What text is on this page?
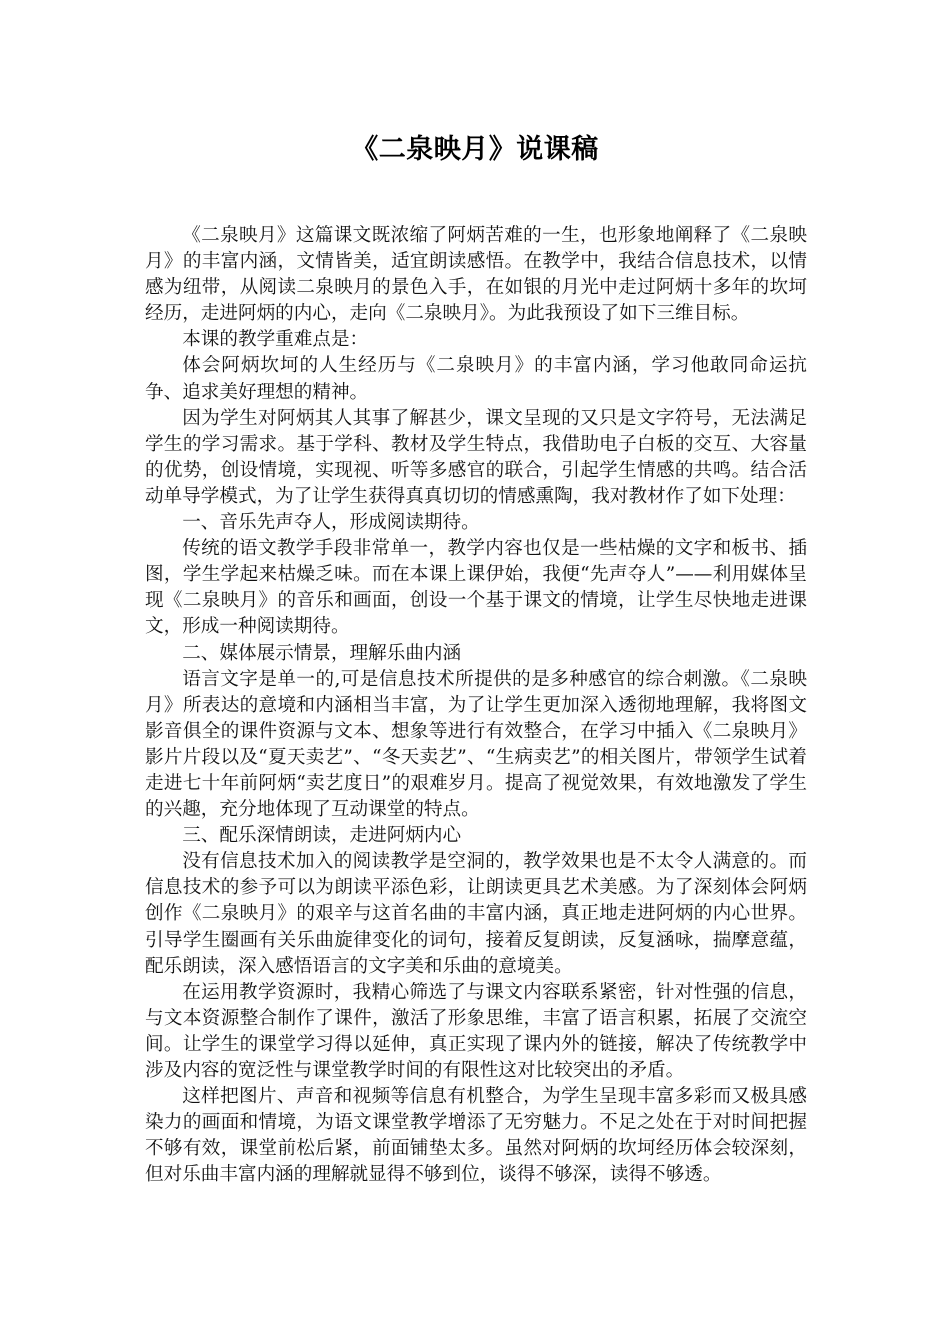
《二泉映月》说课稿

《二泉映月》这篇课文既浓缩了阿炳苦难的一生，也形象地阐释了《二泉映月》的丰富内涵，文情皆美，适宜朗读感悟。在教学中，我结合信息技术，以情感为纽带，从阅读二泉映月的景色入手，在如银的月光中走过阿炳十多年的坎坷经历，走进阿炳的内心，走向《二泉映月》。为此我预设了如下三维目标。

本课的教学重难点是：

体会阿炳坎坷的人生经历与《二泉映月》的丰富内涵，学习他敢同命运抗争、追求美好理想的精神。

因为学生对阿炳其人其事了解甚少，课文呈现的又只是文字符号，无法满足学生的学习需求。基于学科、教材及学生特点，我借助电子白板的交互、大容量的优势，创设情境，实现视、听等多感官的联合，引起学生情感的共鸣。结合活动单导学模式，为了让学生获得真真切切的情感熏陶，我对教材作了如下处理：

一、音乐先声夺人，形成阅读期待。

传统的语文教学手段非常单一，教学内容也仅是一些枯燥的文字和板书、插图，学生学起来枯燥乏味。而在本课上课伊始，我便“先声夺人”——利用媒体呈现《二泉映月》的音乐和画面，创设一个基于课文的情境，让学生尽快地走进课文，形成一种阅读期待。

二、媒体展示情景，理解乐曲内涵

语言文字是单一的,可是信息技术所提供的是多种感官的综合刺激。《二泉映月》所表达的意境和内涵相当丰富，为了让学生更加深入透彻地理解，我将图文影音俱全的课件资源与文本、想象等进行有效整合，在学习中插入《二泉映月》影片片段以及“夏天卖艺”、“冬天卖艺”、“生病卖艺”的相关图片，带领学生试着走进七十年前阿炳“卖艺度日”的艰难岁月。提高了视觉效果，有效地激发了学生的兴趣，充分地体现了互动课堂的特点。

三、配乐深情朗读，走进阿炳内心

没有信息技术加入的阅读教学是空洞的，教学效果也是不太令人满意的。而信息技术的参予可以为朗读平添色彩，让朗读更具艺术美感。为了深刻体会阿炳创作《二泉映月》的艰辛与这首名曲的丰富内涵，真正地走进阿炳的内心世界。引导学生圈画有关乐曲旋律变化的词句，接着反复朗读，反复涵咏，揣摩意蕴，配乐朗读，深入感悟语言的文字美和乐曲的意境美。

在运用教学资源时，我精心筛选了与课文内容联系紧密，针对性强的信息，与文本资源整合制作了课件，激活了形象思维，丰富了语言积累，拓展了交流空间。让学生的课堂学习得以延伸，真正实现了课内外的链接，解决了传统教学中涉及内容的宽泛性与课堂教学时间的有限性这对比较突出的矛盾。

这样把图片、声音和视频等信息有机整合，为学生呈现丰富多彩而又极具感染力的画面和情境，为语文课堂教学增添了无穷魅力。不足之处在于对时间把握不够有效，课堂前松后紧，前面铺垫太多。虽然对阿炳的坎坷经历体会较深刻，但对乐曲丰富内涵的理解就显得不够到位，谈得不够深，读得不够透。
